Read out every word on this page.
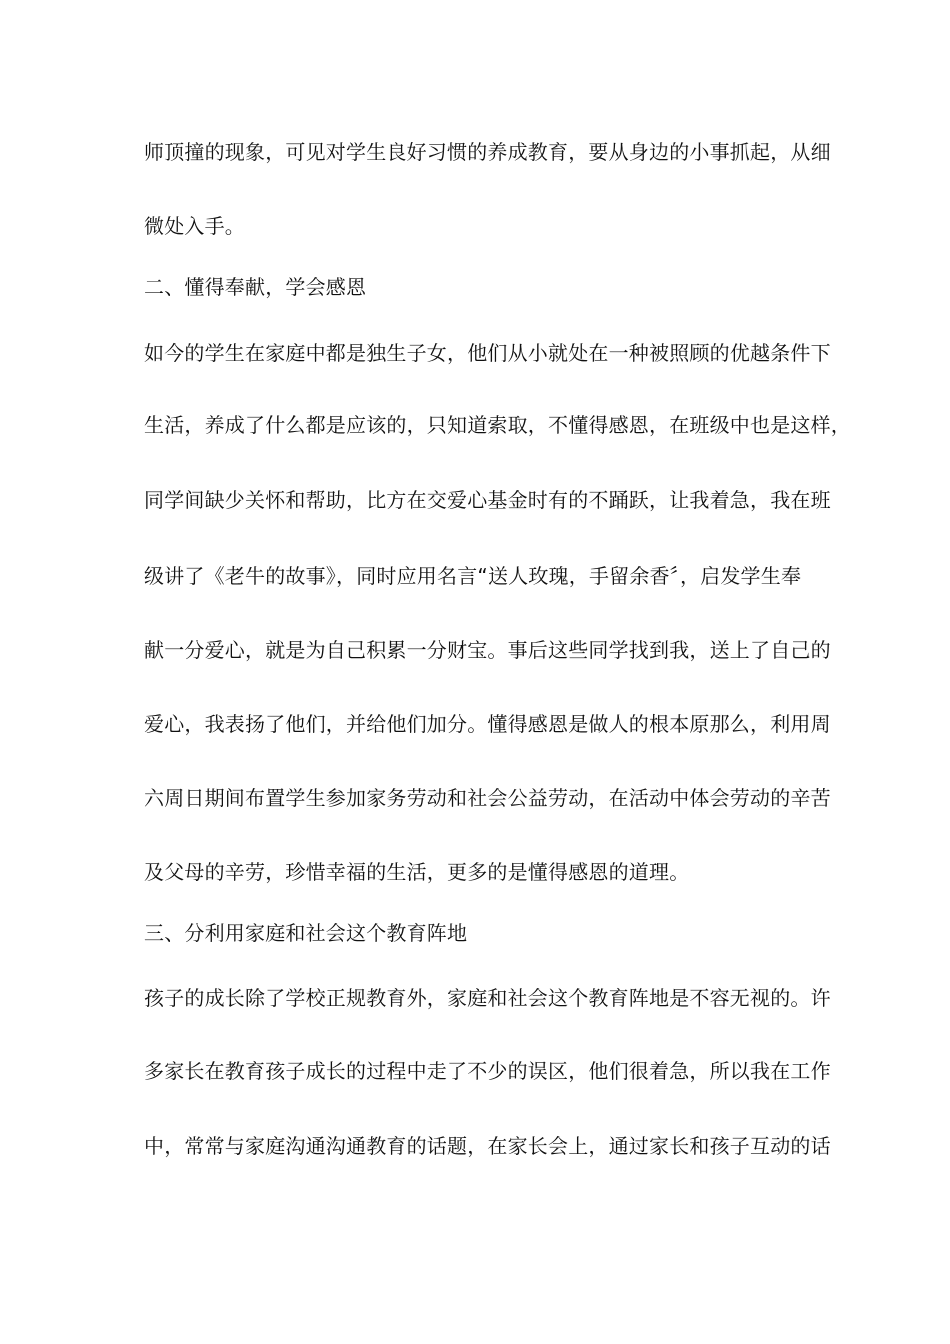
师顶撞的现象，可见对学生良好习惯的养成教育，要从身边的小事抓起，从细
微处入手。
二、懂得奉献，学会感恩
如今的学生在家庭中都是独生子女，他们从小就处在一种被照顾的优越条件下
生活，养成了什么都是应该的，只知道索取，不懂得感恩，在班级中也是这样，
同学间缺少关怀和帮助，比方在交爱心基金时有的不踊跃，让我着急，我在班
级讲了《老牛的故事》，同时应用名言“送人玫瑰，手留余香〞，启发学生奉
献一分爱心，就是为自己积累一分财宝。事后这些同学找到我，送上了自己的
爱心，我表扬了他们，并给他们加分。懂得感恩是做人的根本原那么，利用周
六周日期间布置学生参加家务劳动和社会公益劳动，在活动中体会劳动的辛苦
及父母的辛劳，珍惜幸福的生活，更多的是懂得感恩的道理。
三、分利用家庭和社会这个教育阵地
孩子的成长除了学校正规教育外，家庭和社会这个教育阵地是不容无视的。许
多家长在教育孩子成长的过程中走了不少的误区，他们很着急，所以我在工作
中，常常与家庭沟通沟通教育的话题，在家长会上，通过家长和孩子互动的话
